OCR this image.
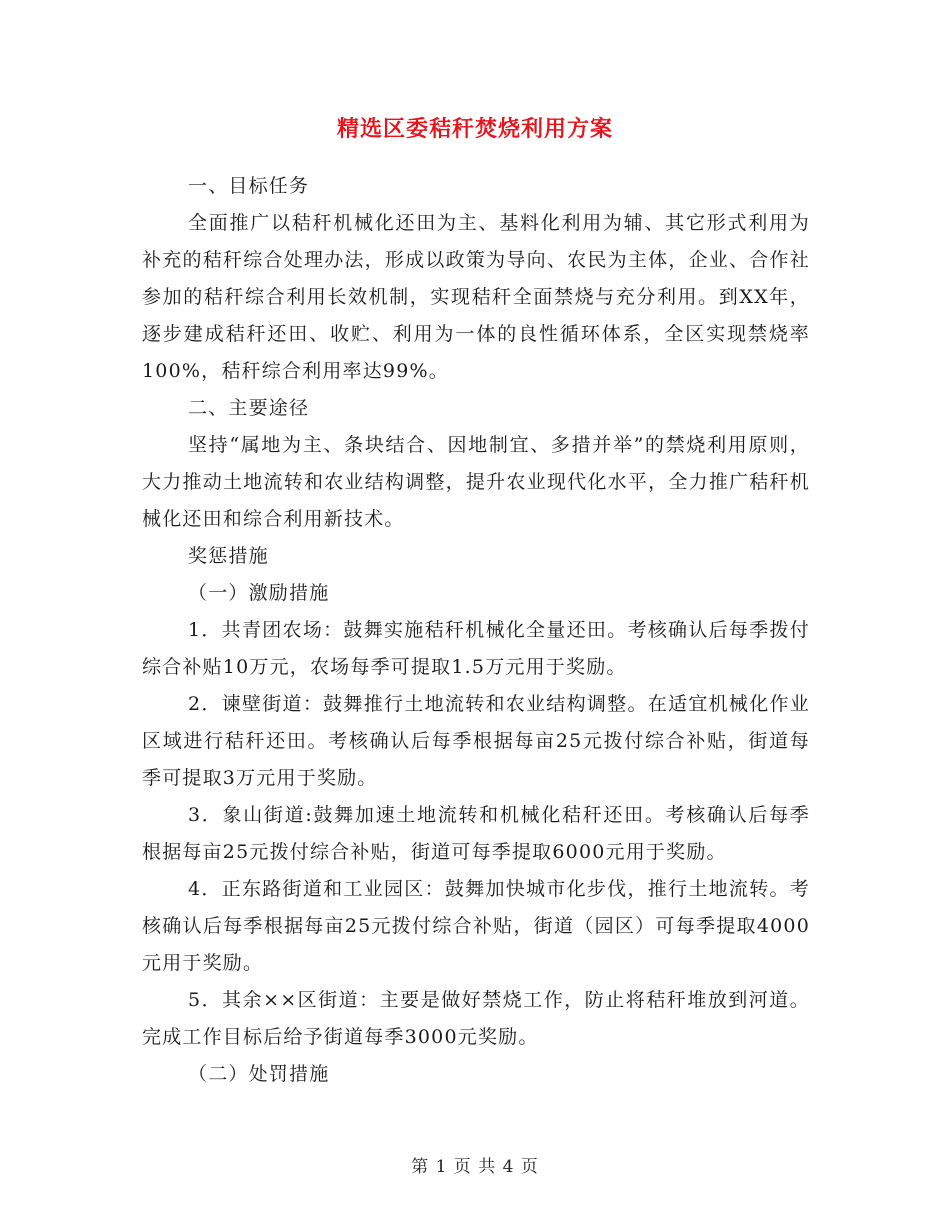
精选区委秸秆焚烧利用方案

一、目标任务

全面推广以秸秆机械化还田为主、基料化利用为辅、其它形式利用为补充的秸秆综合处理办法，形成以政策为导向、农民为主体，企业、合作社参加的秸秆综合利用长效机制，实现秸秆全面禁烧与充分利用。到XX年，逐步建成秸秆还田、收贮、利用为一体的良性循环体系，全区实现禁烧率100%，秸秆综合利用率达99%。

二、主要途径

坚持“属地为主、条块结合、因地制宜、多措并举”的禁烧利用原则，大力推动土地流转和农业结构调整，提升农业现代化水平，全力推广秸秆机械化还田和综合利用新技术。

奖惩措施

（一）激励措施

1．共青团农场：鼓舞实施秸秆机械化全量还田。考核确认后每季拨付综合补贴10万元，农场每季可提取1.5万元用于奖励。

2．谏壁街道：鼓舞推行土地流转和农业结构调整。在适宜机械化作业区域进行秸秆还田。考核确认后每季根据每亩25元拨付综合补贴，街道每季可提取3万元用于奖励。

3．象山街道:鼓舞加速土地流转和机械化秸秆还田。考核确认后每季根据每亩25元拨付综合补贴，街道可每季提取6000元用于奖励。

4．正东路街道和工业园区：鼓舞加快城市化步伐，推行土地流转。考核确认后每季根据每亩25元拨付综合补贴，街道（园区）可每季提取4000元用于奖励。

5．其余××区街道：主要是做好禁烧工作，防止将秸秆堆放到河道。完成工作目标后给予街道每季3000元奖励。

（二）处罚措施

第 1 页 共 4 页
